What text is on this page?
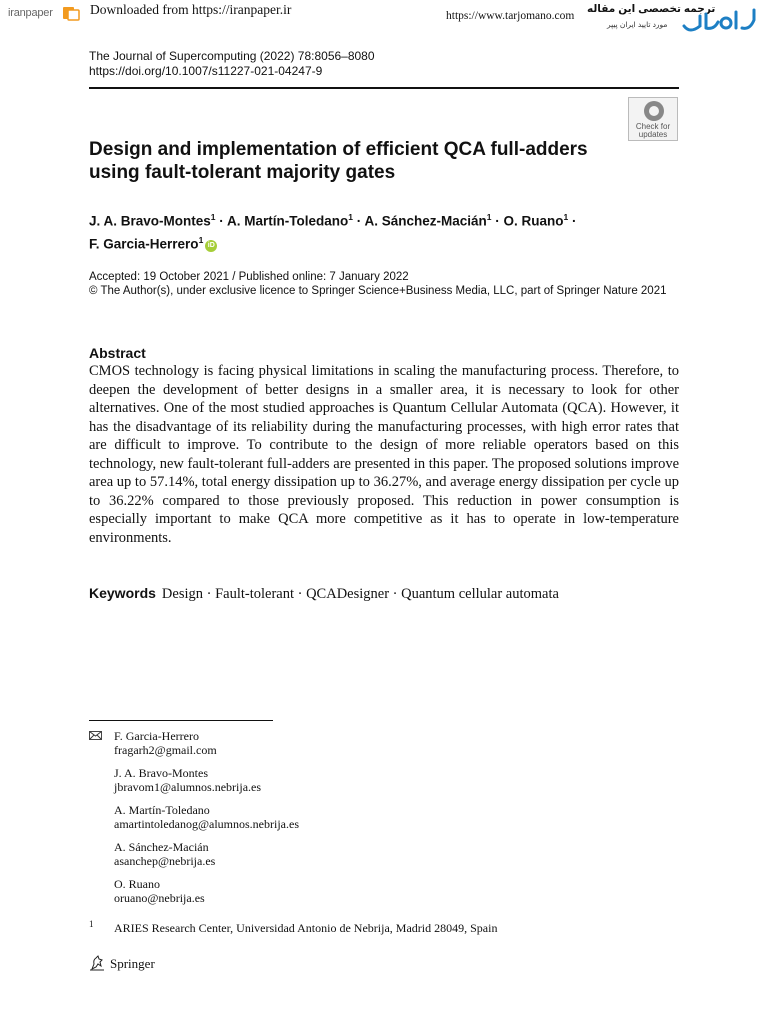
iranpaper	Downloaded from https://iranpaper.ir	https://www.tarjomano.com
ترجمه تخصصی این مقاله
مورد تایید ایران پیپر
The Journal of Supercomputing (2022) 78:8056–8080
https://doi.org/10.1007/s11227-021-04247-9
Check for
updates
Design and implementation of efficient QCA full-adders using fault-tolerant majority gates
J. A. Bravo-Montes$^1$ · A. Martín-Toledano$^1$ · A. Sánchez-Macián$^1$ · O. Ruano$^1$ ·
F. Garcia-Herrero$^1$iD
Accepted: 19 October 2021 / Published online: 7 January 2022
© The Author(s), under exclusive licence to Springer Science+Business Media, LLC, part of Springer Nature 2021
Abstract

CMOS technology is facing physical limitations in scaling the manufacturing process. Therefore, to deepen the development of better designs in a smaller area, it is necessary to look for other alternatives. One of the most studied approaches is Quantum Cellular Automata (QCA). However, it has the disadvantage of its reliability during the manufacturing processes, with high error rates that are difficult to improve. To contribute to the design of more reliable operators based on this technology, new fault-tolerant full-adders are presented in this paper. The proposed solutions improve area up to 57.14%, total energy dissipation up to 36.27%, and average energy dissipation per cycle up to 36.22% compared to those previously proposed. This reduction in power consumption is especially important to make QCA more competitive as it has to operate in low-temperature environments.

Keywords Design · Fault-tolerant · QCADesigner · Quantum cellular automata
F. Garcia-Herrero
fragarh2@gmail.com
J. A. Bravo-Montes
jbravom1@alumnos.nebrija.es
A. Martín-Toledano
amartintoledanog@alumnos.nebrija.es
A. Sánchez-Macián
asanchep@nebrija.es
O. Ruano
oruano@nebrija.es
1 ARIES Research Center, Universidad Antonio de Nebrija, Madrid 28049, Spain
Springer
